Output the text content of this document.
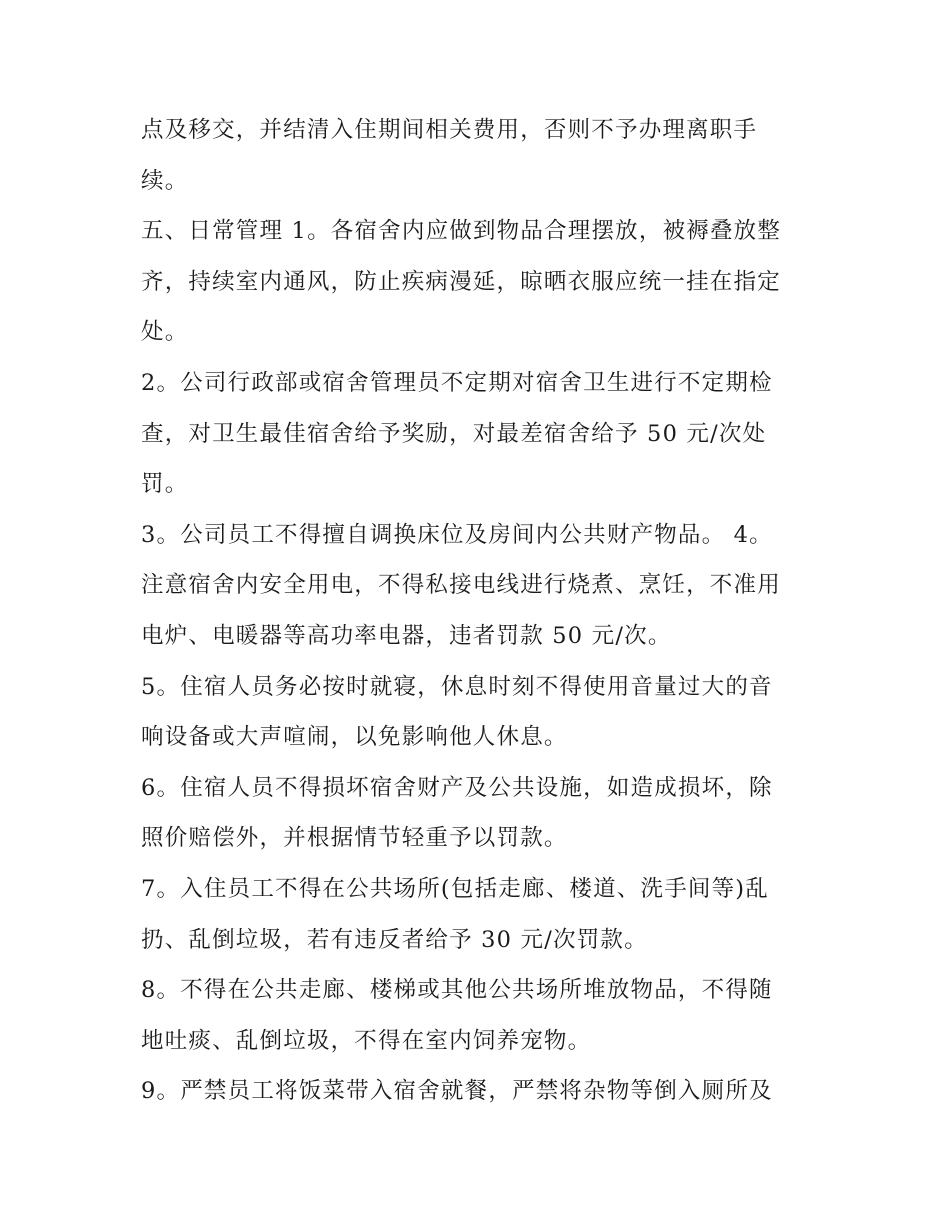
点及移交，并结清入住期间相关费用，否则不予办理离职手
续。
五、日常管理 1。各宿舍内应做到物品合理摆放，被褥叠放整
齐，持续室内通风，防止疾病漫延，晾晒衣服应统一挂在指定
处。
2。公司行政部或宿舍管理员不定期对宿舍卫生进行不定期检
查，对卫生最佳宿舍给予奖励，对最差宿舍给予 50 元/次处
罚。
3。公司员工不得擅自调换床位及房间内公共财产物品。 4。
注意宿舍内安全用电，不得私接电线进行烧煮、烹饪，不准用
电炉、电暖器等高功率电器，违者罚款 50 元/次。
5。住宿人员务必按时就寝，休息时刻不得使用音量过大的音
响设备或大声喧闹，以免影响他人休息。
6。住宿人员不得损坏宿舍财产及公共设施，如造成损坏，除
照价赔偿外，并根据情节轻重予以罚款。
7。入住员工不得在公共场所(包括走廊、楼道、洗手间等)乱
扔、乱倒垃圾，若有违反者给予 30 元/次罚款。
8。不得在公共走廊、楼梯或其他公共场所堆放物品，不得随
地吐痰、乱倒垃圾，不得在室内饲养宠物。
9。严禁员工将饭菜带入宿舍就餐，严禁将杂物等倒入厕所及
